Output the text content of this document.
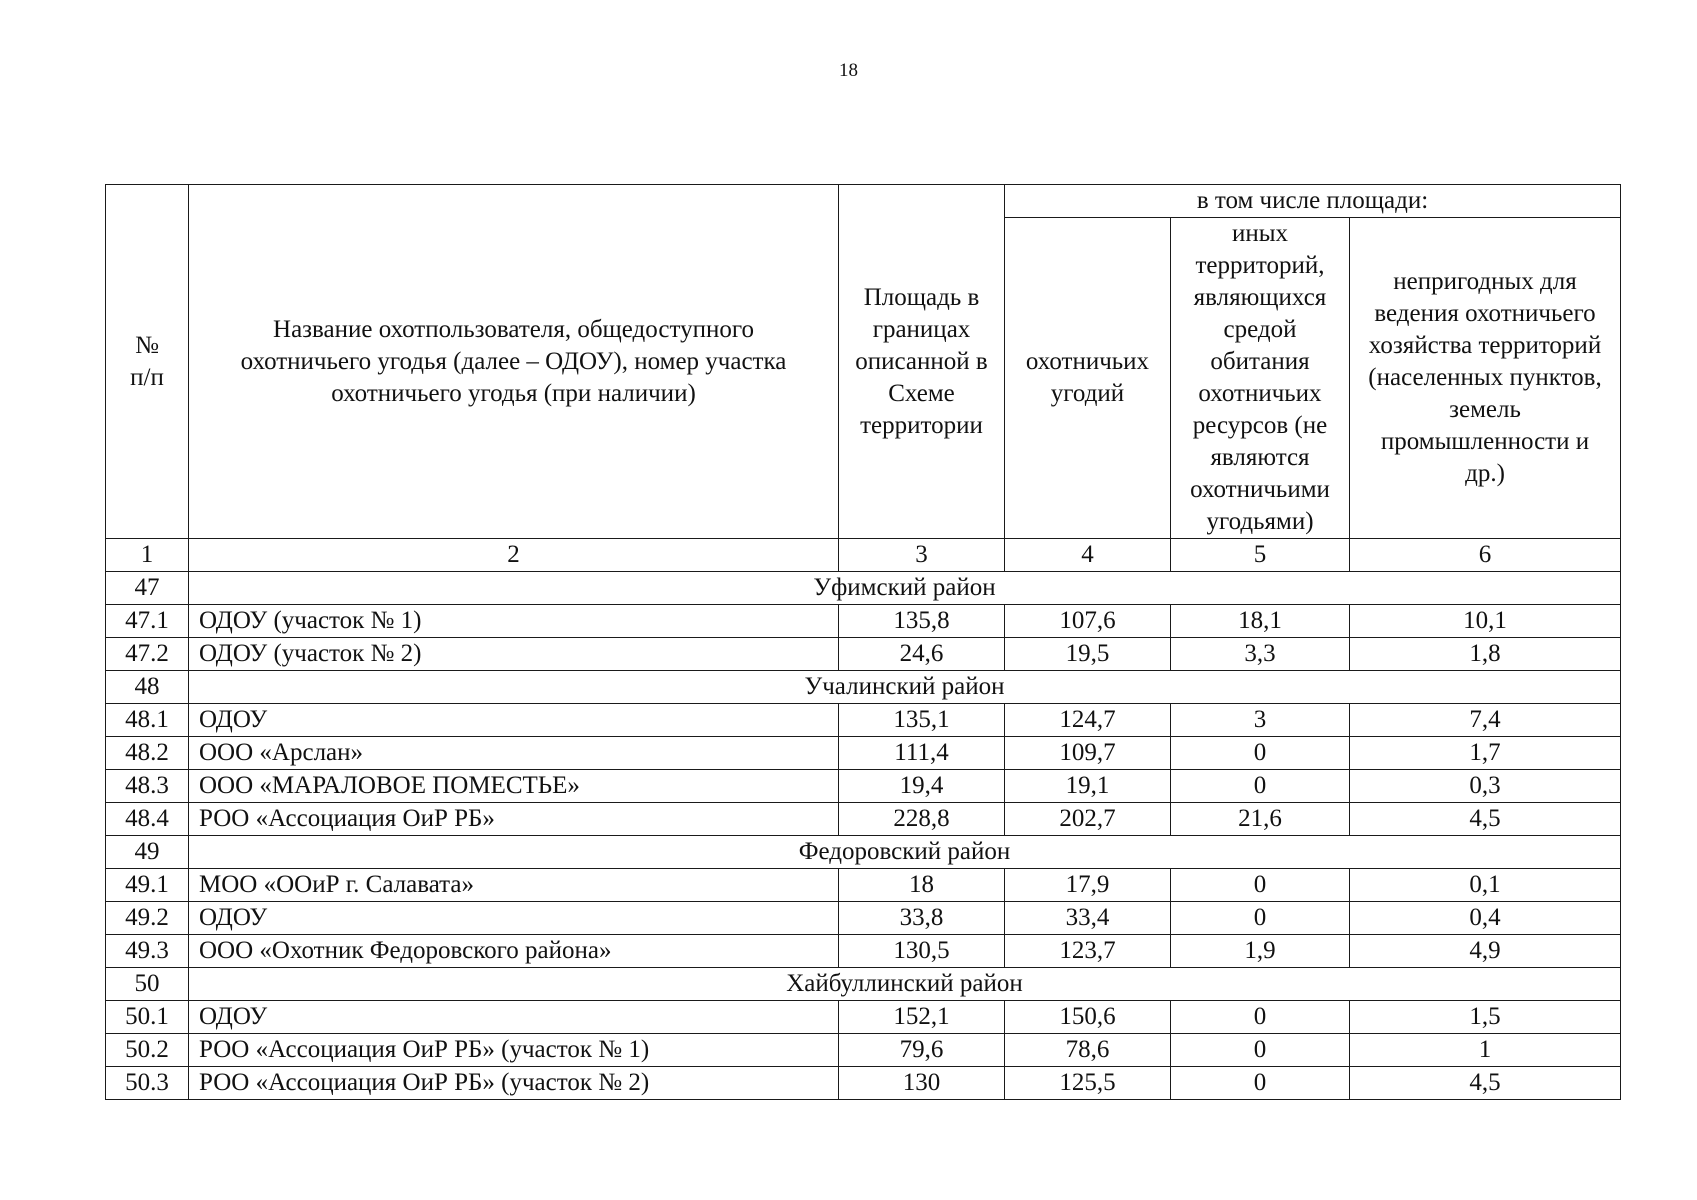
18
№
п/п	Название охотпользователя, общедоступного охотничьего угодья (далее – ОДОУ), номер участка охотничьего угодья (при наличии)	Площадь в границах описанной в Схеме территории	в том числе площади:		
			охотничьих угодий	иных территорий, являющихся средой обитания охотничьих ресурсов (не являются охотничьими угодьями)	непригодных для ведения охотничьего хозяйства территорий (населенных пунктов, земель промышленности и др.)
1	2	3	4	5	6
47	Уфимский район				
47.1	ОДОУ (участок № 1)	135,8	107,6	18,1	10,1
47.2	ОДОУ (участок № 2)	24,6	19,5	3,3	1,8
48	Учалинский район				
48.1	ОДОУ	135,1	124,7	3	7,4
48.2	ООО «Арслан»	111,4	109,7	0	1,7
48.3	ООО «МАРАЛОВОЕ ПОМЕСТЬЕ»	19,4	19,1	0	0,3
48.4	РОО «Ассоциация ОиР РБ»	228,8	202,7	21,6	4,5
49	Федоровский район				
49.1	МОО «ООиР г. Салавата»	18	17,9	0	0,1
49.2	ОДОУ	33,8	33,4	0	0,4
49.3	ООО «Охотник Федоровского района»	130,5	123,7	1,9	4,9
50	Хайбуллинский район				
50.1	ОДОУ	152,1	150,6	0	1,5
50.2	РОО «Ассоциация ОиР РБ» (участок № 1)	79,6	78,6	0	1
50.3	РОО «Ассоциация ОиР РБ» (участок № 2)	130	125,5	0	4,5
